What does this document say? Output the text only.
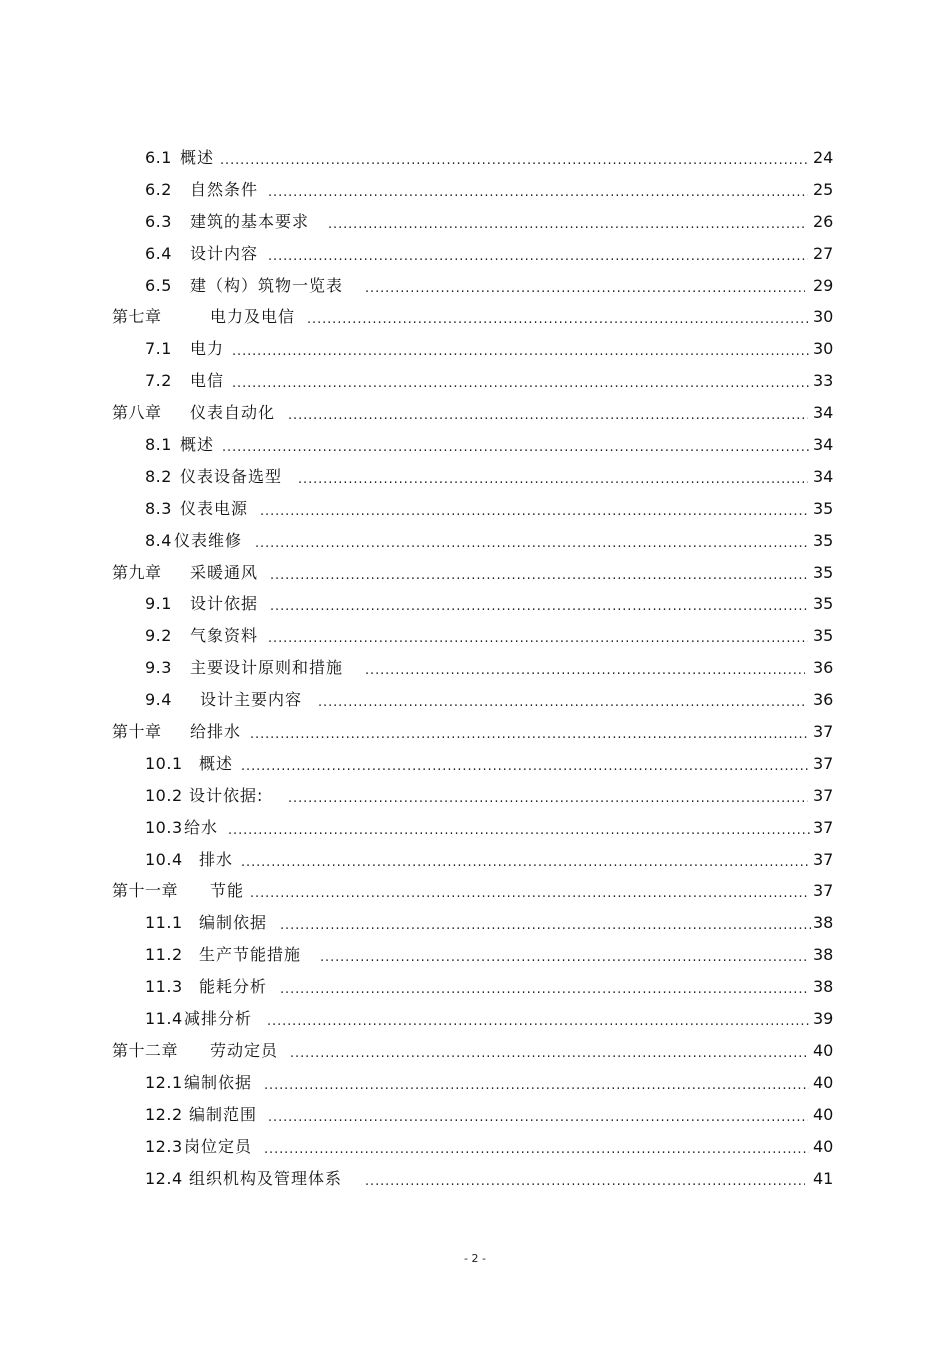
6.1 概述 .....	24
6.2 自然条件 .....	25
6.3 建筑的基本要求 .....	26
6.4 设计内容 .....	27
6.5 建（构）筑物一览表 .....	29
第七章	电力及电信 .....	30
7.1 电力 .....	30
7.2 电信 .....	33
第八章 仪表自动化 .....	34
8.1 概述 .....	34
8.2 仪表设备选型 .....	34
8.3 仪表电源 .....	35
8.4 仪表维修 .....	35
第九章 采暖通风 .....	35
9.1 设计依据 .....	35
9.2 气象资料 .....	35
9.3 主要设计原则和措施 .....	36
9.4 设计主要内容 .....	36
第十章 给排水 .....	37
10.1 概述 .....	37
10.2 设计依据: .....	37
10.3 给水 .....	37
10.4 排水 .....	37
第十一章 节能 .....	37
11.1 编制依据 .....	38
11.2 生产节能措施 .....	38
11.3 能耗分析 .....	38
11.4 减排分析 .....	39
第十二章 劳动定员 .....	40
12.1 编制依据 .....	40
12.2 编制范围 .....	40
12.3 岗位定员 .....	40
12.4 组织机构及管理体系 .....	41
- 2 -
